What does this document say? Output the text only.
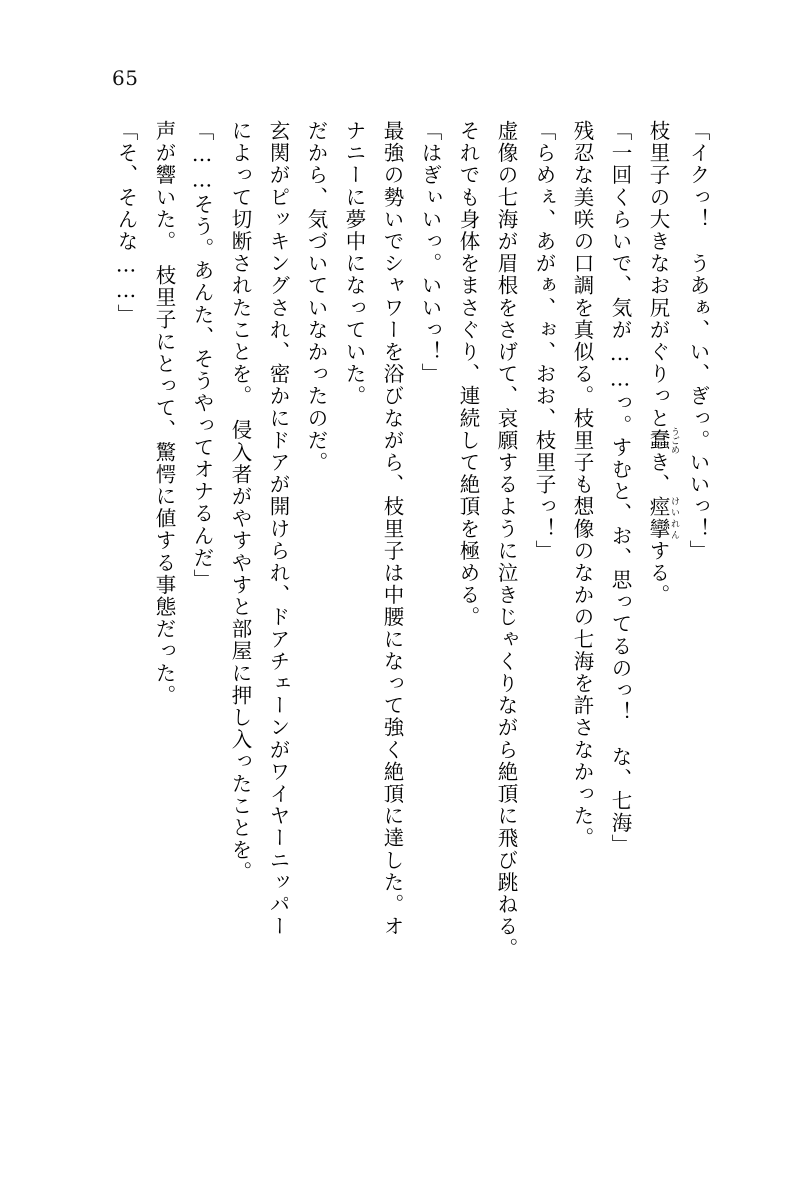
65

「イクっ！　うあぁ、い、ぎっ。いいっ！」

枝里子の大きなお尻がぐりっと蠢 うごめき、痙攣 けいれんする。

「一回くらいで、気が……っ。すむと、お、思ってるのっ！　な、七海」

残忍な美咲の口調を真似る。枝里子も想像のなかの七海を許さなかった。

「らめぇ、あがぁ、ぉ、おお、枝里子っ！」

虚像の七海が眉根をさげて、哀願するように泣きじゃくりながら絶頂に飛び跳ねる。

それでも身体をまさぐり、連続して絶頂を極める。

「はぎぃいっ。いいっ！」

最強の勢いでシャワーを浴びながら、枝里子は中腰になって強く絶頂に達した。オ

ナニーに夢中になっていた。

だから、気づいていなかったのだ。

玄関がピッキングされ、密かにドアが開けられ、ドアチェーンがワイヤーニッパー

によって切断されたことを。　侵入者がやすやすと部屋に押し入ったことを。

「……そう。あんた、そうやってオナるんだ」

声が響いた。　枝里子にとって、驚愕に値する事態だった。

「そ、そんな……」
